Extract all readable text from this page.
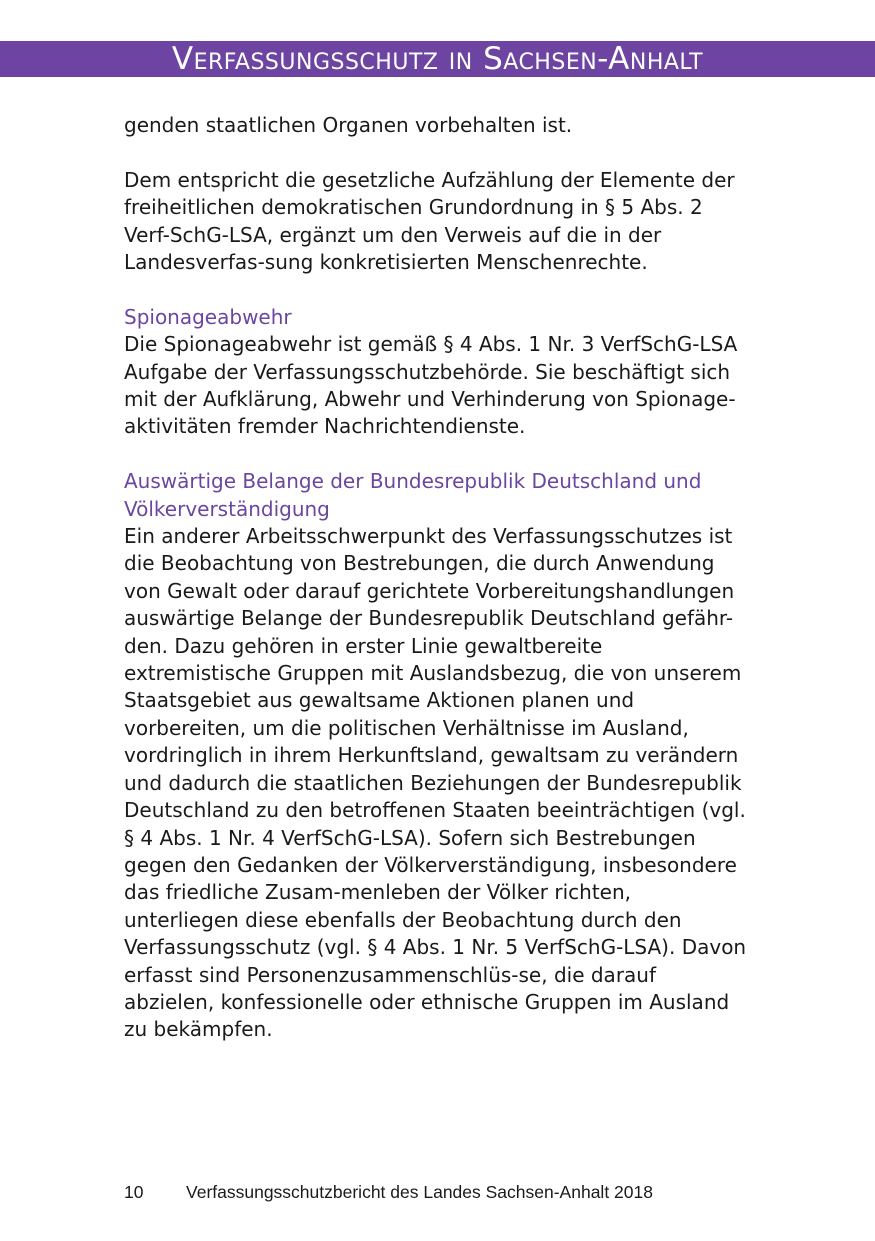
Verfassungsschutz in Sachsen-Anhalt

genden staatlichen Organen vorbehalten ist.

Dem entspricht die gesetzliche Aufzählung der Elemente der freiheitlichen demokratischen Grundordnung in § 5 Abs. 2 Verf-SchG-LSA, ergänzt um den Verweis auf die in der Landesverfas-sung konkretisierten Menschenrechte.

Spionageabwehr

Die Spionageabwehr ist gemäß § 4 Abs. 1 Nr. 3 VerfSchG-LSA Aufgabe der Verfassungsschutzbehörde. Sie beschäftigt sich mit der Aufklärung, Abwehr und Verhinderung von Spionage-aktivitäten fremder Nachrichtendienste.

Auswärtige Belange der Bundesrepublik Deutschland und Völkerverständigung

Ein anderer Arbeitsschwerpunkt des Verfassungsschutzes ist die Beobachtung von Bestrebungen, die durch Anwendung von Gewalt oder darauf gerichtete Vorbereitungshandlungen auswärtige Belange der Bundesrepublik Deutschland gefähr-den. Dazu gehören in erster Linie gewaltbereite extremistische Gruppen mit Auslandsbezug, die von unserem Staatsgebiet aus gewaltsame Aktionen planen und vorbereiten, um die politischen Verhältnisse im Ausland, vordringlich in ihrem Herkunftsland, gewaltsam zu verändern und dadurch die staatlichen Beziehungen der Bundesrepublik Deutschland zu den betroffenen Staaten beeinträchtigen (vgl. § 4 Abs. 1 Nr. 4 VerfSchG-LSA). Sofern sich Bestrebungen gegen den Gedanken der Völkerverständigung, insbesondere das friedliche Zusam-menleben der Völker richten, unterliegen diese ebenfalls der Beobachtung durch den Verfassungsschutz (vgl. § 4 Abs. 1 Nr. 5 VerfSchG-LSA). Davon erfasst sind Personenzusammenschlüs-se, die darauf abzielen, konfessionelle oder ethnische Gruppen im Ausland zu bekämpfen.

10 Verfassungsschutzbericht des Landes Sachsen-Anhalt 2018
